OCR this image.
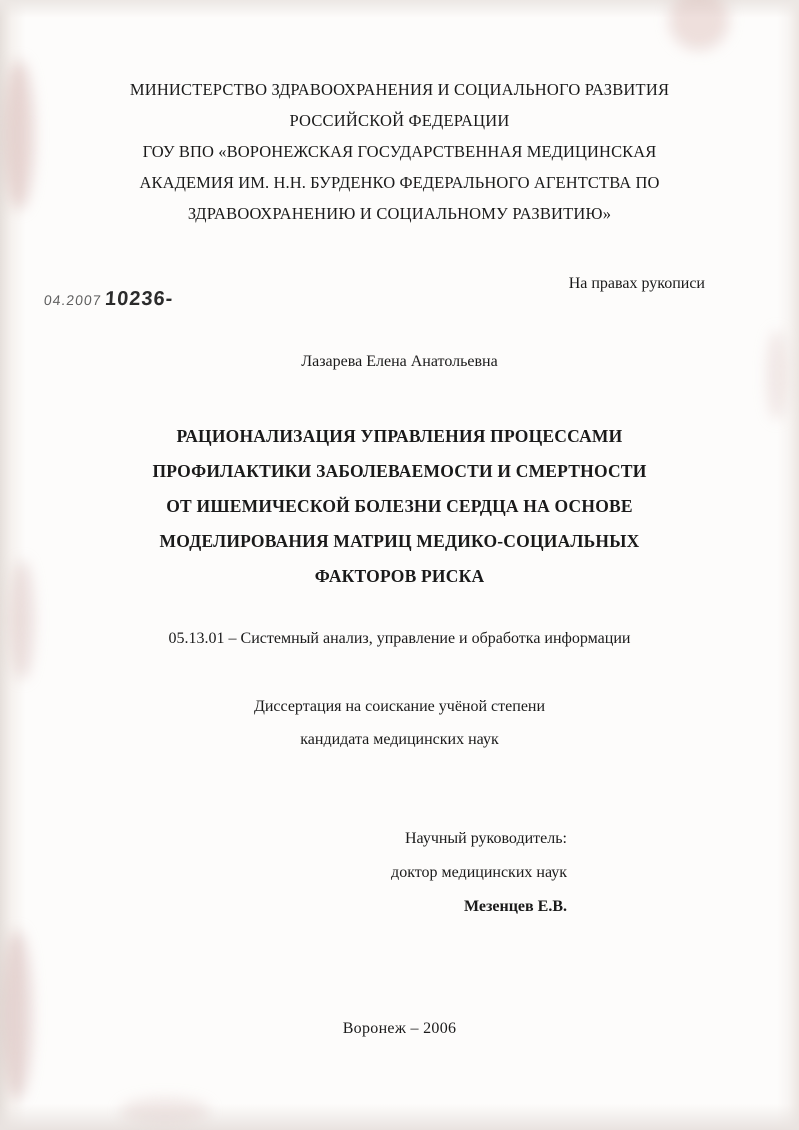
МИНИСТЕРСТВО ЗДРАВООХРАНЕНИЯ И СОЦИАЛЬНОГО РАЗВИТИЯ
РОССИЙСКОЙ ФЕДЕРАЦИИ
ГОУ ВПО «ВОРОНЕЖСКАЯ ГОСУДАРСТВЕННАЯ МЕДИЦИНСКАЯ
АКАДЕМИЯ ИМ. Н.Н. БУРДЕНКО ФЕДЕРАЛЬНОГО АГЕНТСТВА ПО
ЗДРАВООХРАНЕНИЮ И СОЦИАЛЬНОМУ РАЗВИТИЮ»
На правах рукописи
Лазарева Елена Анатольевна
РАЦИОНАЛИЗАЦИЯ УПРАВЛЕНИЯ ПРОЦЕССАМИ
ПРОФИЛАКТИКИ ЗАБОЛЕВАЕМОСТИ И СМЕРТНОСТИ
ОТ ИШЕМИЧЕСКОЙ БОЛЕЗНИ СЕРДЦА НА ОСНОВЕ
МОДЕЛИРОВАНИЯ МАТРИЦ МЕДИКО-СОЦИАЛЬНЫХ
ФАКТОРОВ РИСКА
05.13.01 – Системный анализ, управление и обработка информации
Диссертация на соискание учёной степени
кандидата медицинских наук
Научный руководитель:
доктор медицинских наук
Мезенцев Е.В.
Воронеж – 2006
04.200710236-
